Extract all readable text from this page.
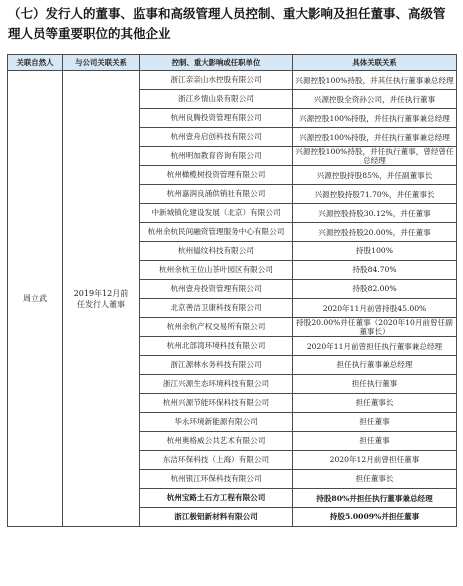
（七）发行人的董事、监事和高级管理人员控制、重大影响及担任董事、高级管理人员等重要职位的其他企业
关联自然人	与公司关联关系	控制、重大影响或任职单位	具体关联关系
周立武	2019年12月前任发行人董事	浙江亲亲山水控股有限公司	兴源控股100%持股，并其任执行董事兼总经理
		浙江乡情山泉有限公司	兴源控股全资孙公司，并任执行董事
		杭州良腾投资管理有限公司	兴源控股100%持股，并任执行董事兼总经理
		杭州壹舟启创科技有限公司	兴源控股100%持股，并任执行董事兼总经理
		杭州明加教育咨询有限公司	兴源控股100%持股，并任执行董事，曾经曾任总经理
		杭州橄榄树投资管理有限公司	兴源控股持股85%，并任副董事长
		杭州嘉润良涌供销社有限公司	兴源控股持股71.70%，并任董事长
		中新城镇化建设发展（北京）有限公司	兴源控股持股30.12%，并任董事
		杭州余杭民间融资管理服务中心有限公司	兴源控股持股20.00%，并任董事
		杭州镒纹科技有限公司	持股100%
		杭州余杭王位山茶叶园区有限公司	持股84.70%
		杭州壹舟投资管理有限公司	持股82.00%
		北京善洁卫康科技有限公司	2020年11月前曾持股45.00%
		杭州余杭产权交易所有限公司	持股20.00%并任董事（2020年10月前曾任副董事长）
		杭州北部湾环境科技有限公司	2020年11月前曾担任执行董事兼总经理
		浙江源林水务科技有限公司	担任执行董事兼总经理
		浙江兴源生态环境科技有限公司	担任执行董事
		杭州兴源节能环保科技有限公司	担任董事长
		华永环境新能源有限公司	担任董事
		杭州奥格威公共艺术有限公司	担任董事
		东洁环保科技（上海）有限公司	2020年12月前曾担任董事
		杭州银江环保科技有限公司	担任董事长
		杭州宝路土石方工程有限公司	持股80%并担任执行董事兼总经理
		浙江极铝新材料有限公司	持股5.0009%并担任董事
